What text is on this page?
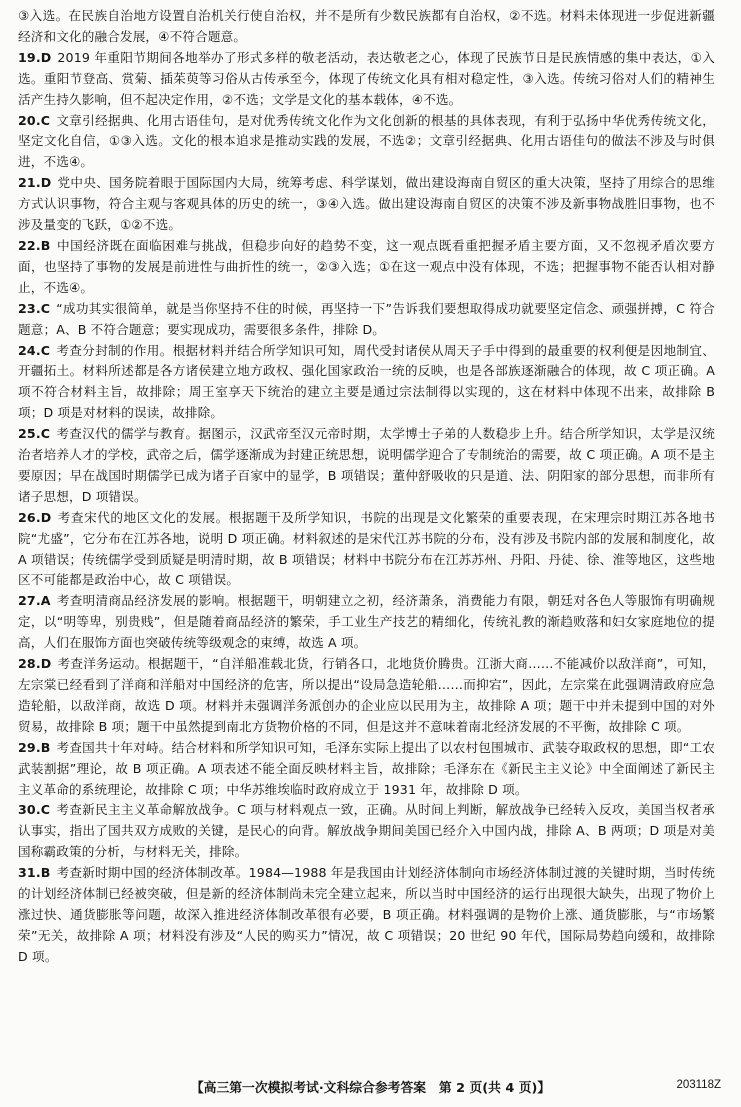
③入选。在民族自治地方设置自治机关行使自治权，并不是所有少数民族都有自治权，②不选。材料未体现进一步促进新疆经济和文化的融合发展，④不符合题意。

19.D 2019 年重阳节期间各地举办了形式多样的敬老活动，表达敬老之心，体现了民族节日是民族情感的集中表达，①入选。重阳节登高、赏菊、插茱萸等习俗从古传承至今，体现了传统文化具有相对稳定性，③入选。传统习俗对人们的精神生活产生持久影响，但不起决定作用，②不选；文学是文化的基本载体，④不选。

20.C 文章引经据典、化用古语佳句，是对优秀传统文化作为文化创新的根基的具体表现，有利于弘扬中华优秀传统文化，坚定文化自信，①③入选。文化的根本追求是推动实践的发展，不选②；文章引经据典、化用古语佳句的做法不涉及与时俱进，不选④。

21.D 党中央、国务院着眼于国际国内大局，统筹考虑、科学谋划，做出建设海南自贸区的重大决策，坚持了用综合的思维方式认识事物，符合主观与客观具体的历史的统一，③④入选。做出建设海南自贸区的决策不涉及新事物战胜旧事物，也不涉及量变的飞跃，①②不选。

22.B 中国经济既在面临困难与挑战，但稳步向好的趋势不变，这一观点既看重把握矛盾主要方面，又不忽视矛盾次要方面，也坚持了事物的发展是前进性与曲折性的统一，②③入选；①在这一观点中没有体现，不选；把握事物不能否认相对静止，不选④。

23.C “成功其实很简单，就是当你坚持不住的时候，再坚持一下”告诉我们要想取得成功就要坚定信念、顽强拼搏，C 符合题意；A、B 不符合题意；要实现成功，需要很多条件，排除 D。

24.C 考查分封制的作用。根据材料并结合所学知识可知，周代受封诸侯从周天子手中得到的最重要的权利便是因地制宜、开疆拓土。材料所述都是各方诸侯建立地方政权、强化国家政治一统的反映，也是各部族逐渐融合的体现，故 C 项正确。A 项不符合材料主旨，故排除；周王室享天下统治的建立主要是通过宗法制得以实现的，这在材料中体现不出来，故排除 B 项；D 项是对材料的误读，故排除。

25.C 考查汉代的儒学与教育。据图示，汉武帝至汉元帝时期，太学博士子弟的人数稳步上升。结合所学知识，太学是汉统治者培养人才的学校，武帝之后，儒学逐渐成为封建正统思想，说明儒学迎合了专制统治的需要，故 C 项正确。A 项不是主要原因；早在战国时期儒学已成为诸子百家中的显学，B 项错误；董仲舒吸收的只是道、法、阴阳家的部分思想，而非所有诸子思想，D 项错误。

26.D 考查宋代的地区文化的发展。根据题干及所学知识，书院的出现是文化繁荣的重要表现，在宋理宗时期江苏各地书院“尤盛”，它分布在江苏各地，说明 D 项正确。材料叙述的是宋代江苏书院的分布，没有涉及书院内部的发展和制度化，故 A 项错误；传统儒学受到质疑是明清时期，故 B 项错误；材料中书院分布在江苏苏州、丹阳、丹徒、徐、淮等地区，这些地区不可能都是政治中心，故 C 项错误。

27.A 考查明清商品经济发展的影响。根据题干，明朝建立之初，经济萧条，消费能力有限，朝廷对各色人等服饰有明确规定，以“明等卑，别贵贱”，但是随着商品经济的繁荣，手工业生产技艺的精细化，传统礼教的渐趋败落和妇女家庭地位的提高，人们在服饰方面也突破传统等级观念的束缚，故选 A 项。

28.D 考查洋务运动。根据题干，“自洋船准载北货，行销各口，北地货价腾贵。江浙大商……不能减价以敌洋商”，可知，左宗棠已经看到了洋商和洋船对中国经济的危害，所以提出“设局急造轮船……而抑宕”，因此，左宗棠在此强调清政府应急造轮船，以敌洋商，故选 D 项。材料并未强调洋务派创办的企业应以民用为主，故排除 A 项；题干中并未提到中国的对外贸易，故排除 B 项；题干中虽然提到南北方货物价格的不同，但是这并不意味着南北经济发展的不平衡，故排除 C 项。

29.B 考查国共十年对峙。结合材料和所学知识可知，毛泽东实际上提出了以农村包围城市、武装夺取政权的思想，即“工农武装割据”理论，故 B 项正确。A 项表述不能全面反映材料主旨，故排除；毛泽东在《新民主主义论》中全面阐述了新民主主义革命的系统理论，故排除 C 项；中华苏维埃临时政府成立于 1931 年，故排除 D 项。

30.C 考查新民主主义革命解放战争。C 项与材料观点一致，正确。从时间上判断，解放战争已经转入反攻，美国当权者承认事实，指出了国共双方成败的关键，是民心的向背。解放战争期间美国已经介入中国内战，排除 A、B 两项；D 项是对美国称霸政策的分析，与材料无关，排除。

31.B 考查新时期中国的经济体制改革。1984—1988 年是我国由计划经济体制向市场经济体制过渡的关键时期，当时传统的计划经济体制已经被突破，但是新的经济体制尚未完全建立起来，所以当时中国经济的运行出现很大缺失，出现了物价上涨过快、通货膨胀等问题，故深入推进经济体制改革很有必要，B 项正确。材料强调的是物价上涨、通货膨胀，与“市场繁荣”无关，故排除 A 项；材料没有涉及“人民的购买力”情况，故 C 项错误；20 世纪 90 年代，国际局势趋向缓和，故排除 D 项。

【高三第一次模拟考试·文科综合参考答案　第 2 页(共 4 页)】	203118Z
